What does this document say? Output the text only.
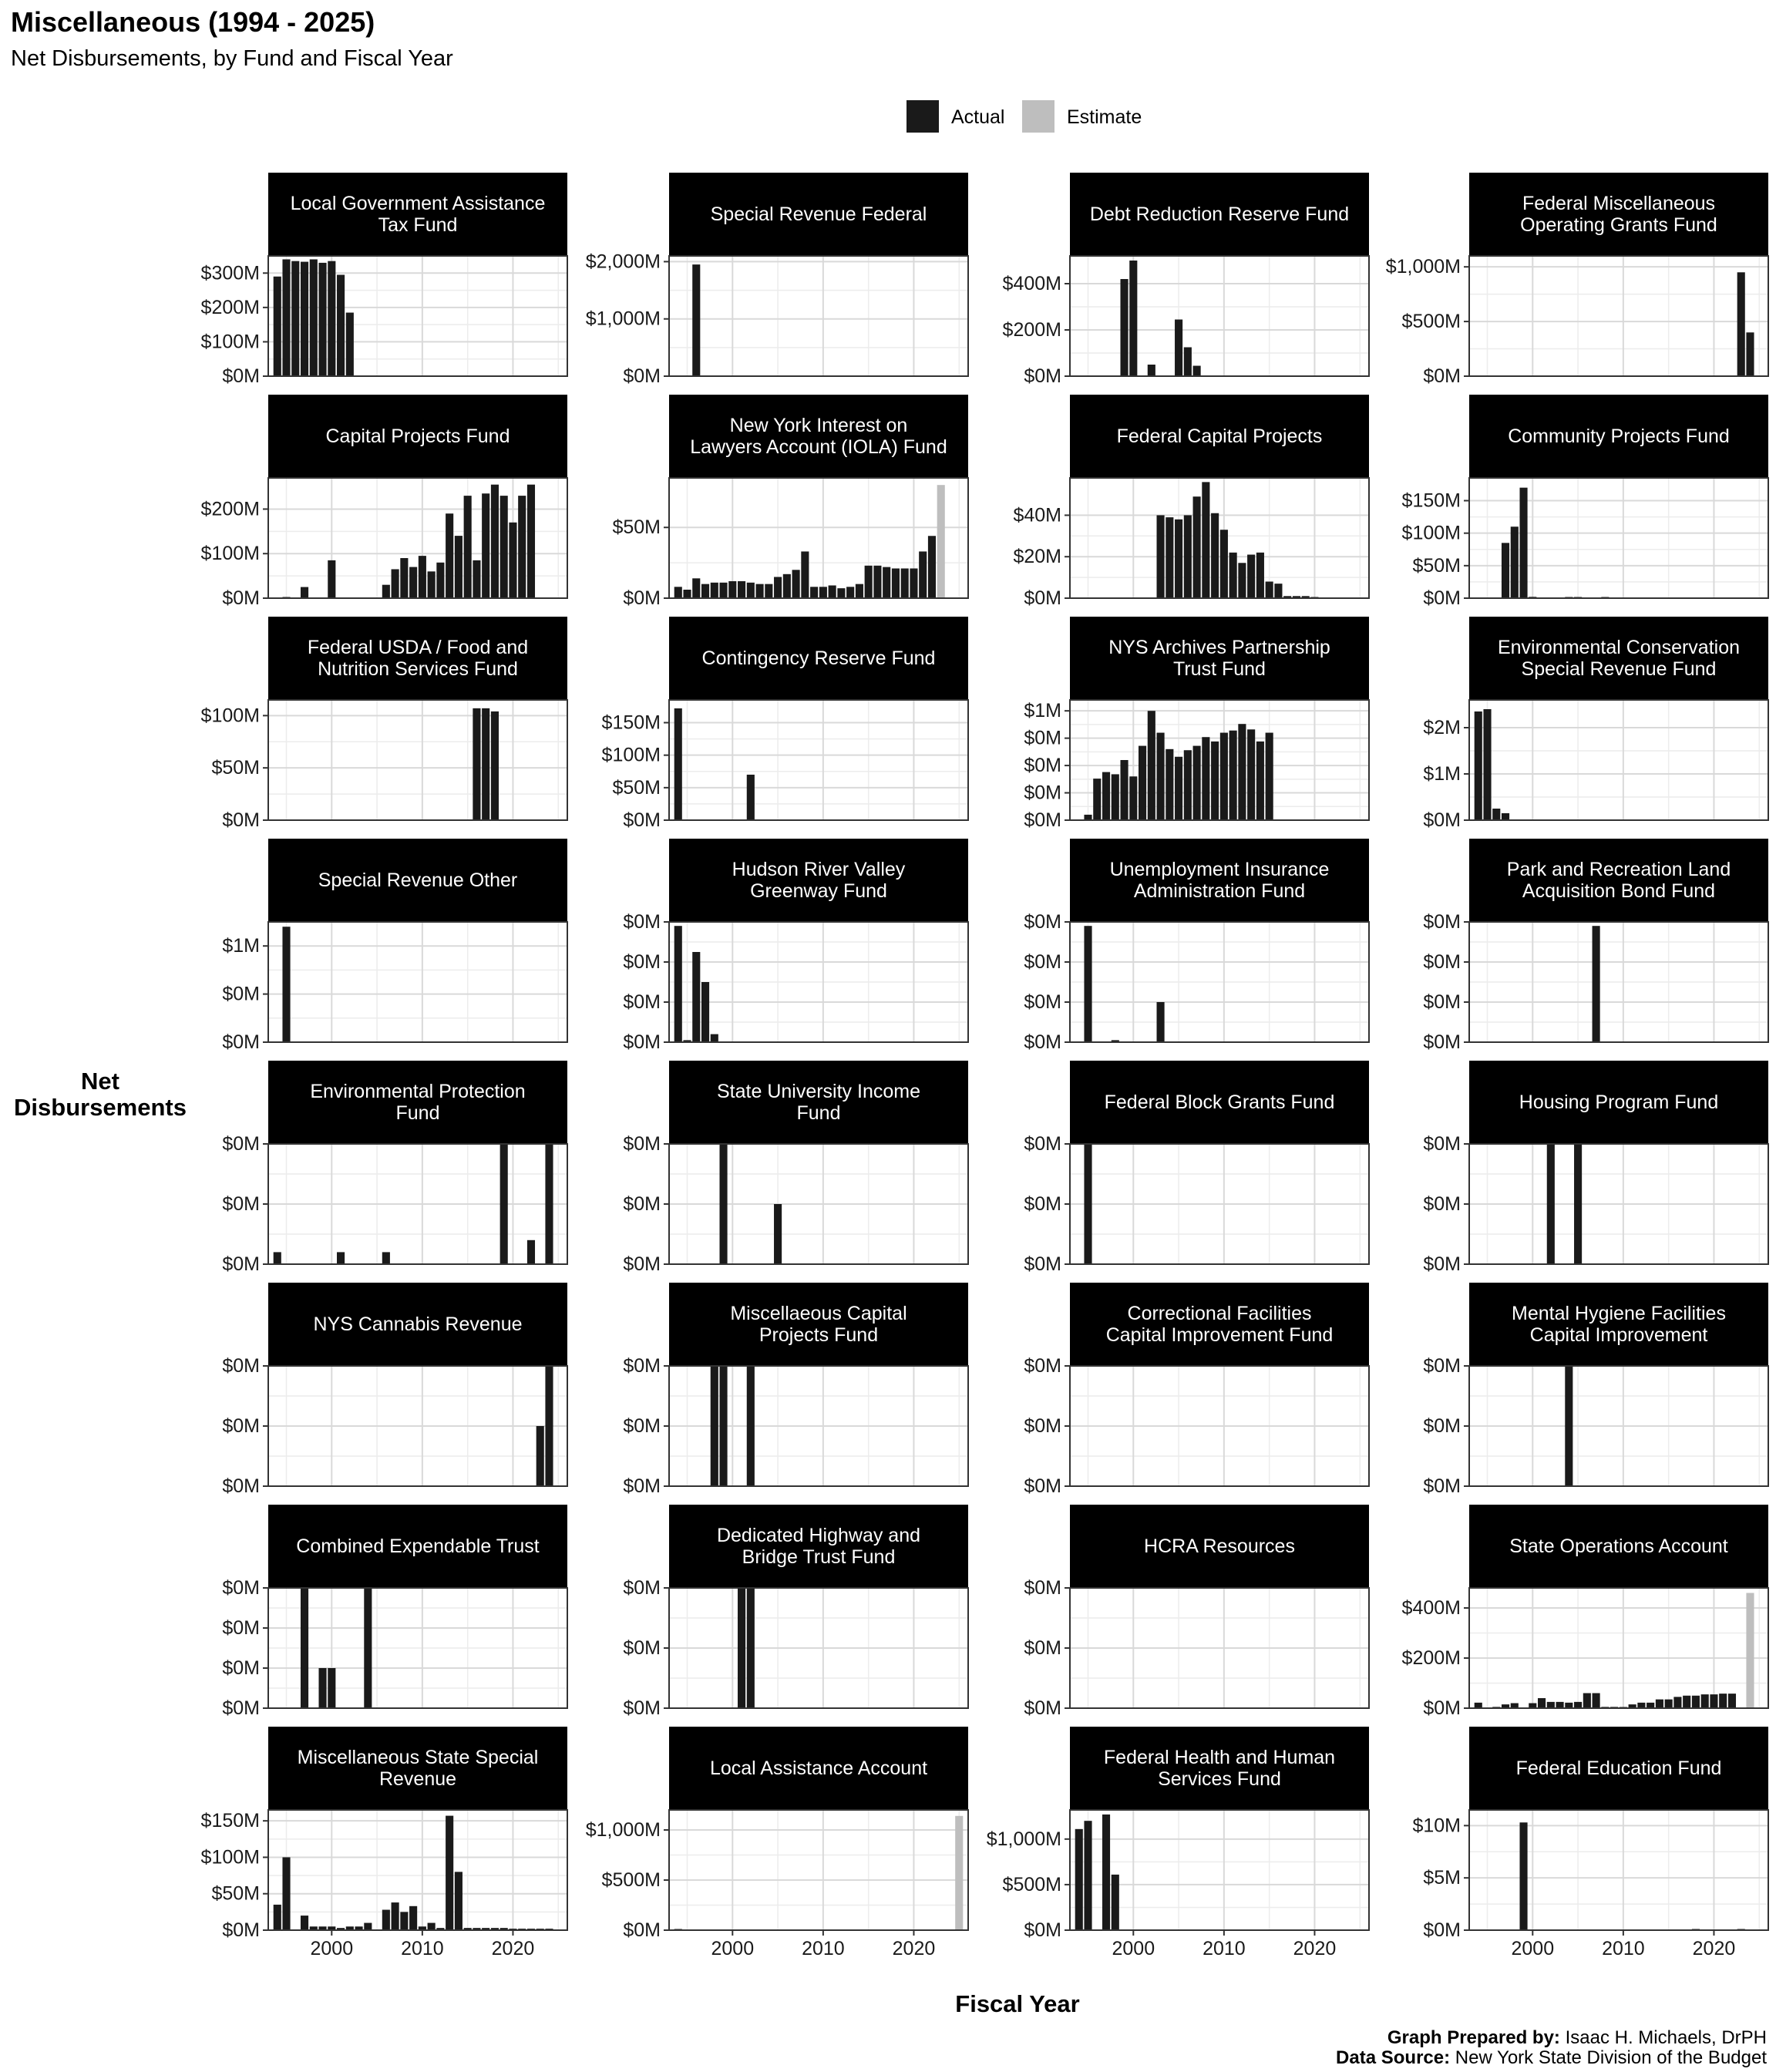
Miscellaneous (1994 - 2025)
Net Disbursements, by Fund and Fiscal Year
Actual	Estimate
Net
Disbursements
Fiscal Year
Local Government Assistance
Tax Fund
$0M
$100M
$200M
$300M
Special Revenue Federal
$0M
$1,000M
$2,000M
Debt Reduction Reserve Fund
$0M
$200M
$400M
Federal Miscellaneous
Operating Grants Fund
$0M
$500M
$1,000M
Capital Projects Fund
$0M
$100M
$200M
New York Interest on
Lawyers Account (IOLA) Fund
$0M
$50M
Federal Capital Projects
$0M
$20M
$40M
Community Projects Fund
$0M
$50M
$100M
$150M
Federal USDA / Food and
Nutrition Services Fund
$0M
$50M
$100M
Contingency Reserve Fund
$0M
$50M
$100M
$150M
NYS Archives Partnership
Trust Fund
$0M
$0M
$0M
$0M
$1M
Environmental Conservation
Special Revenue Fund
$0M
$1M
$2M
Special Revenue Other
$0M
$0M
$1M
Hudson River Valley
Greenway Fund
$0M
$0M
$0M
$0M
Unemployment Insurance
Administration Fund
$0M
$0M
$0M
$0M
Park and Recreation Land
Acquisition Bond Fund
$0M
$0M
$0M
$0M
Environmental Protection
Fund
$0M
$0M
$0M
State University Income
Fund
$0M
$0M
$0M
Federal Block Grants Fund
$0M
$0M
$0M
Housing Program Fund
$0M
$0M
$0M
NYS Cannabis Revenue
$0M
$0M
$0M
Miscellaeous Capital
Projects Fund
$0M
$0M
$0M
Correctional Facilities
Capital Improvement Fund
$0M
$0M
$0M
Mental Hygiene Facilities
Capital Improvement
$0M
$0M
$0M
Combined Expendable Trust
$0M
$0M
$0M
$0M
Dedicated Highway and
Bridge Trust Fund
$0M
$0M
$0M
HCRA Resources
$0M
$0M
$0M
State Operations Account
$0M
$200M
$400M
Miscellaneous State Special
Revenue
$0M
$50M
$100M
$150M
2000 2010 2020
Local Assistance Account
$0M
$500M
$1,000M
2000 2010 2020
Federal Health and Human
Services Fund
$0M
$500M
$1,000M
2000 2010 2020
Federal Education Fund
$0M
$5M
$10M
2000 2010 2020
Graph Prepared by: Isaac H. Michaels, DrPH
Data Source: New York State Division of the Budget
